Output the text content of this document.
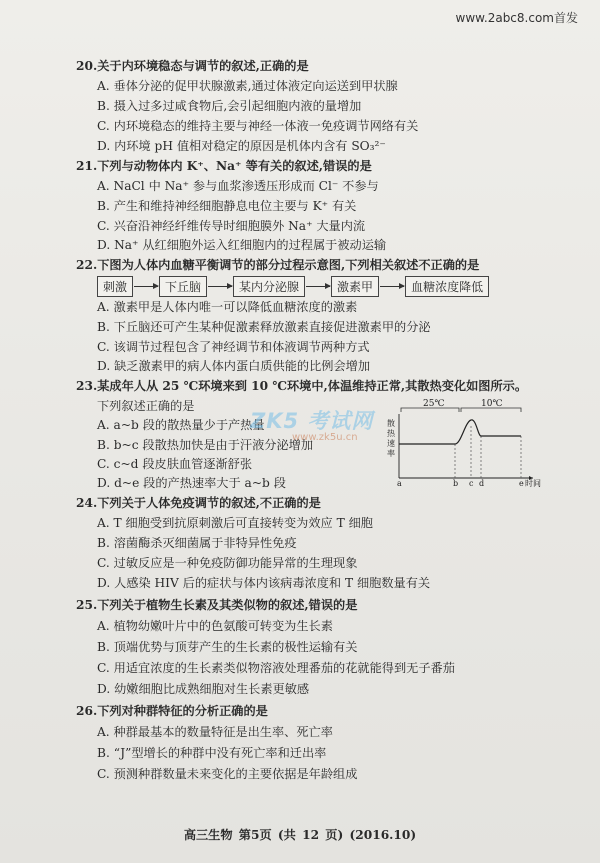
www.2abc8.com首发
20.关于内环境稳态与调节的叙述,正确的是
A. 垂体分泌的促甲状腺激素,通过体液定向运送到甲状腺
B. 摄入过多过咸食物后,会引起细胞内液的量增加
C. 内环境稳态的维持主要与神经一体液一免疫调节网络有关
D. 内环境 pH 值相对稳定的原因是机体内含有 SO₃²⁻
21.下列与动物体内 K⁺、Na⁺ 等有关的叙述,错误的是
A. NaCl 中 Na⁺ 参与血浆渗透压形成而 Cl⁻ 不参与
B. 产生和维持神经细胞静息电位主要与 K⁺ 有关
C. 兴奋沿神经纤维传导时细胞膜外 Na⁺ 大量内流
D. Na⁺ 从红细胞外运入红细胞内的过程属于被动运输
22.下图为人体内血糖平衡调节的部分过程示意图,下列相关叙述不正确的是
刺激	下丘脑	某内分泌腺	激素甲	血糖浓度降低
A. 激素甲是人体内唯一可以降低血糖浓度的激素
B. 下丘脑还可产生某种促激素释放激素直接促进激素甲的分泌
C. 该调节过程包含了神经调节和体液调节两种方式
D. 缺乏激素甲的病人体内蛋白质供能的比例会增加
23.某成年人从 25 ℃环境来到 10 ℃环境中,体温维持正常,其散热变化如图所示。
下列叙述正确的是
A. a~b 段的散热量少于产热量
B. b~c 段散热加快是由于汗液分泌增加
C. c~d 段皮肤血管逐渐舒张
D. d~e 段的产热速率大于 a~b 段
ZK5 考试网
www.zk5u.cn
25℃	10℃
散
热
速
率
a	b c d	e 时间
24.下列关于人体免疫调节的叙述,不正确的是
A. T 细胞受到抗原刺激后可直接转变为效应 T 细胞
B. 溶菌酶杀灭细菌属于非特异性免疫
C. 过敏反应是一种免疫防御功能异常的生理现象
D. 人感染 HIV 后的症状与体内该病毒浓度和 T 细胞数量有关
25.下列关于植物生长素及其类似物的叙述,错误的是
A. 植物幼嫩叶片中的色氨酸可转变为生长素
B. 顶端优势与顶芽产生的生长素的极性运输有关
C. 用适宜浓度的生长素类似物溶液处理番茄的花就能得到无子番茄
D. 幼嫩细胞比成熟细胞对生长素更敏感
26.下列对种群特征的分析正确的是
A. 种群最基本的数量特征是出生率、死亡率
B. “J”型增长的种群中没有死亡率和迁出率
C. 预测种群数量未来变化的主要依据是年龄组成
高三生物 第5页 (共 12 页) (2016.10)
